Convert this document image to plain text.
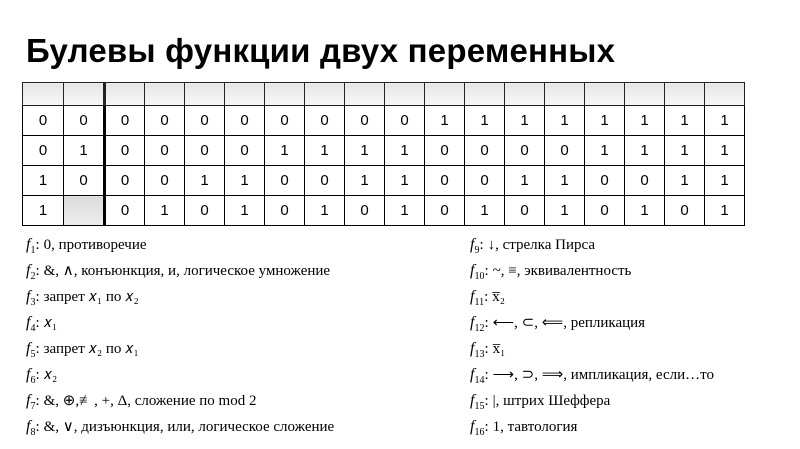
Булевы функции двух переменных

0	0	0	0	0	0	0	0	0	0	1	1	1	1	1	1	1	1
0	1	0	0	0	0	1	1	1	1	0	0	0	0	1	1	1	1
1	0	0	0	1	1	0	0	1	1	0	0	1	1	0	0	1	1
1		0	1	0	1	0	1	0	1	0	1	0	1	0	1	0	1
$f_1$: 0, противоречие
$f_2$: &, ∧, конъюнкция, и, логическое умножение
$f_3$: запрет 𝑥₁ по 𝑥₂
$f_4$: 𝑥₁
$f_5$: запрет 𝑥₂ по 𝑥₁
$f_6$: 𝑥₂
$f_7$: &, ⊕,≢, +, Δ, сложение по mod 2
$f_8$: &, ∨, дизъюнкция, или, логическое сложение
$f_9$: ↓, стрелка Пирса
$f_{10}$: ~, ≡, эквивалентность
$f_{11}$: x̅₂
$f_{12}$: ⟵, ⊂, ⟸, репликация
$f_{13}$: x̅₁
$f_{14}$: ⟶, ⊃, ⟹, импликация, если…то
$f_{15}$: |, штрих Шеффера
$f_{16}$: 1, тавтология
